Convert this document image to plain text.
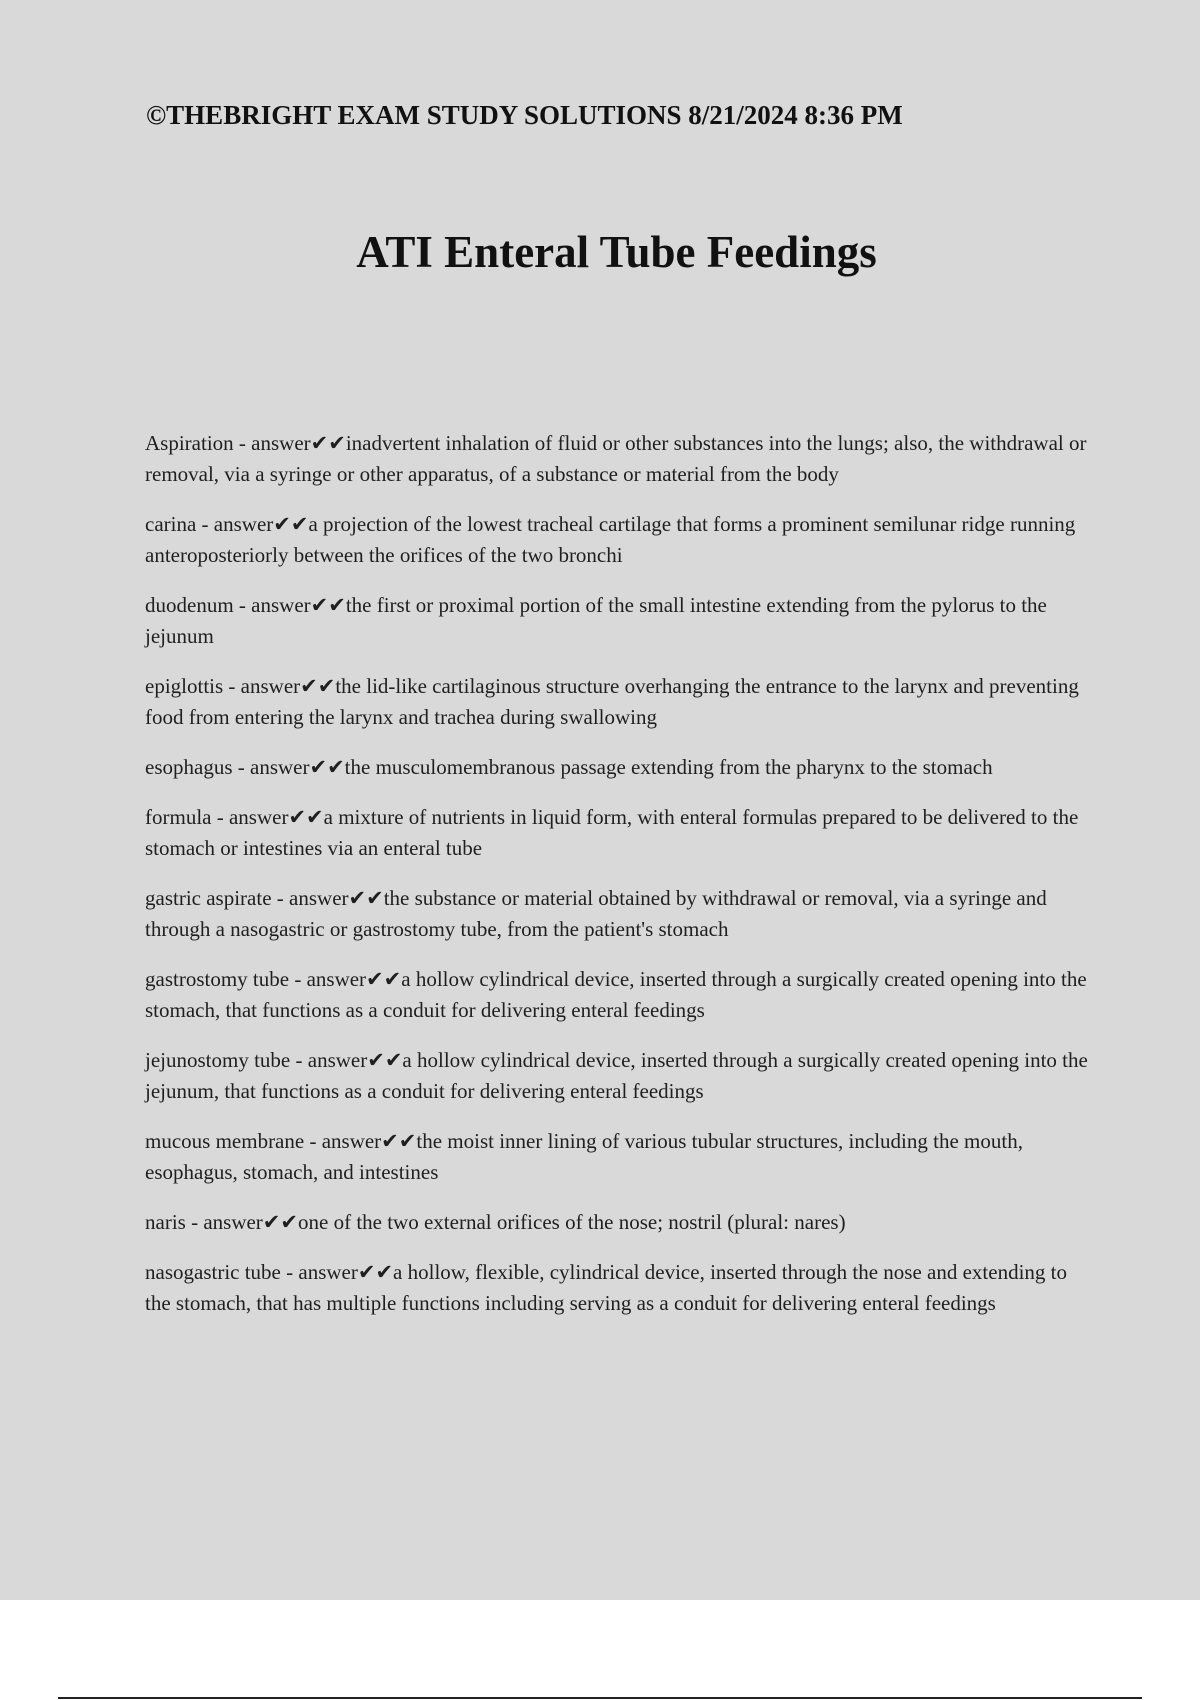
©THEBRIGHT EXAM STUDY SOLUTIONS 8/21/2024 8:36 PM
ATI Enteral Tube Feedings

Aspiration - answer✔✔inadvertent inhalation of fluid or other substances into the lungs; also, the withdrawal or removal, via a syringe or other apparatus, of a substance or material from the body

carina - answer✔✔a projection of the lowest tracheal cartilage that forms a prominent semilunar ridge running anteroposteriorly between the orifices of the two bronchi

duodenum - answer✔✔the first or proximal portion of the small intestine extending from the pylorus to the jejunum

epiglottis - answer✔✔the lid-like cartilaginous structure overhanging the entrance to the larynx and preventing food from entering the larynx and trachea during swallowing

esophagus - answer✔✔the musculomembranous passage extending from the pharynx to the stomach

formula - answer✔✔a mixture of nutrients in liquid form, with enteral formulas prepared to be delivered to the stomach or intestines via an enteral tube

gastric aspirate - answer✔✔the substance or material obtained by withdrawal or removal, via a syringe and through a nasogastric or gastrostomy tube, from the patient's stomach

gastrostomy tube - answer✔✔a hollow cylindrical device, inserted through a surgically created opening into the stomach, that functions as a conduit for delivering enteral feedings

jejunostomy tube - answer✔✔a hollow cylindrical device, inserted through a surgically created opening into the jejunum, that functions as a conduit for delivering enteral feedings

mucous membrane - answer✔✔the moist inner lining of various tubular structures, including the mouth, esophagus, stomach, and intestines

naris - answer✔✔one of the two external orifices of the nose; nostril (plural: nares)

nasogastric tube - answer✔✔a hollow, flexible, cylindrical device, inserted through the nose and extending to the stomach, that has multiple functions including serving as a conduit for delivering enteral feedings
